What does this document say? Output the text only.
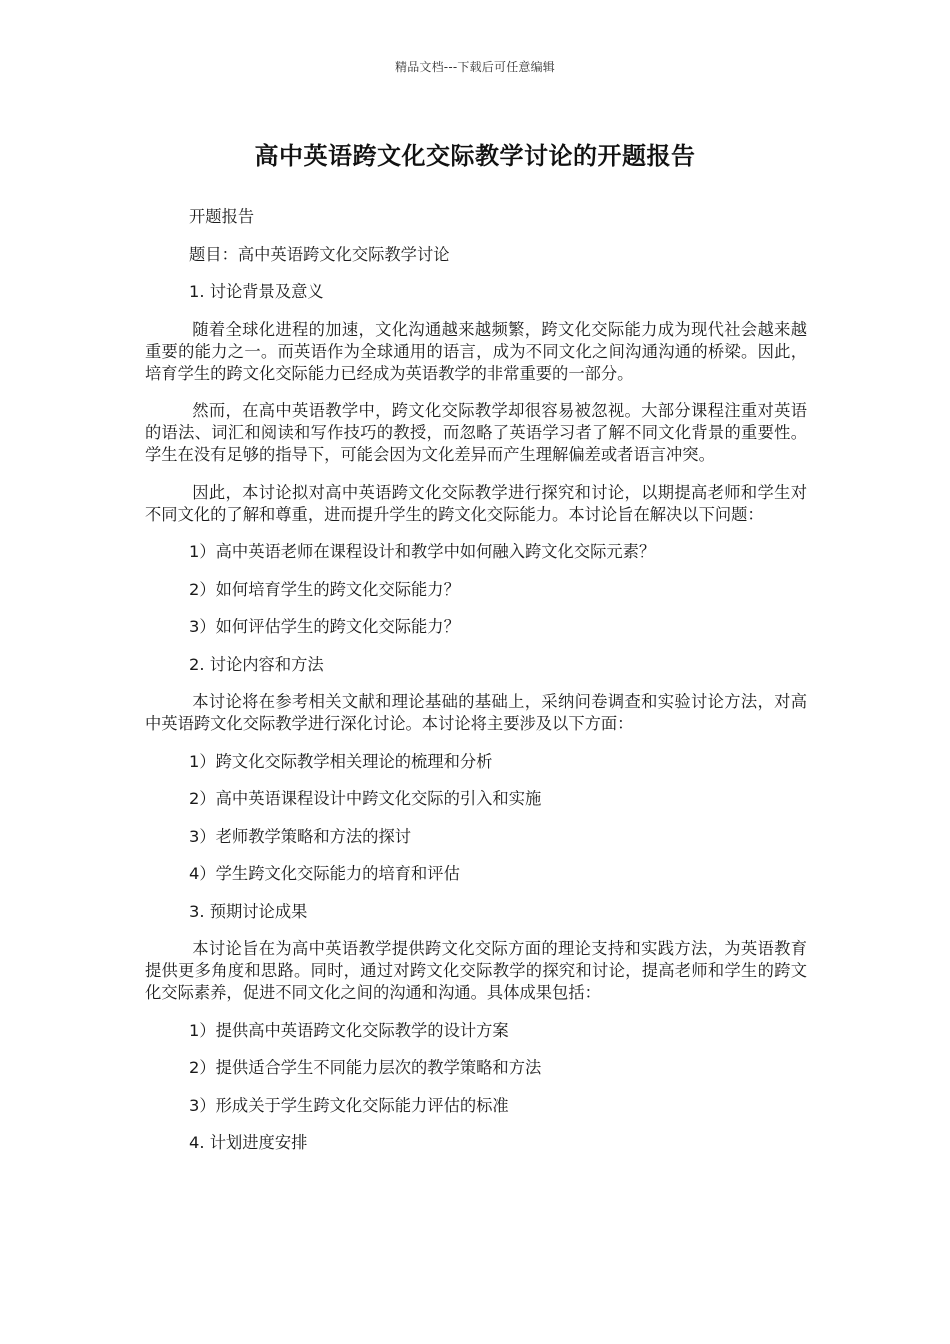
精品文档---下载后可任意编辑
高中英语跨文化交际教学讨论的开题报告

开题报告

题目：高中英语跨文化交际教学讨论

1. 讨论背景及意义

随着全球化进程的加速，文化沟通越来越频繁，跨文化交际能力成为现代社会越来越重要的能力之一。而英语作为全球通用的语言，成为不同文化之间沟通沟通的桥梁。因此，培育学生的跨文化交际能力已经成为英语教学的非常重要的一部分。

然而，在高中英语教学中，跨文化交际教学却很容易被忽视。大部分课程注重对英语的语法、词汇和阅读和写作技巧的教授，而忽略了英语学习者了解不同文化背景的重要性。学生在没有足够的指导下，可能会因为文化差异而产生理解偏差或者语言冲突。

因此，本讨论拟对高中英语跨文化交际教学进行探究和讨论，以期提高老师和学生对不同文化的了解和尊重，进而提升学生的跨文化交际能力。本讨论旨在解决以下问题：

1）高中英语老师在课程设计和教学中如何融入跨文化交际元素？

2）如何培育学生的跨文化交际能力？

3）如何评估学生的跨文化交际能力？

2. 讨论内容和方法

本讨论将在参考相关文献和理论基础的基础上，采纳问卷调查和实验讨论方法，对高中英语跨文化交际教学进行深化讨论。本讨论将主要涉及以下方面：

1）跨文化交际教学相关理论的梳理和分析

2）高中英语课程设计中跨文化交际的引入和实施

3）老师教学策略和方法的探讨

4）学生跨文化交际能力的培育和评估

3. 预期讨论成果

本讨论旨在为高中英语教学提供跨文化交际方面的理论支持和实践方法，为英语教育提供更多角度和思路。同时，通过对跨文化交际教学的探究和讨论，提高老师和学生的跨文化交际素养，促进不同文化之间的沟通和沟通。具体成果包括：

1）提供高中英语跨文化交际教学的设计方案

2）提供适合学生不同能力层次的教学策略和方法

3）形成关于学生跨文化交际能力评估的标准

4. 计划进度安排
